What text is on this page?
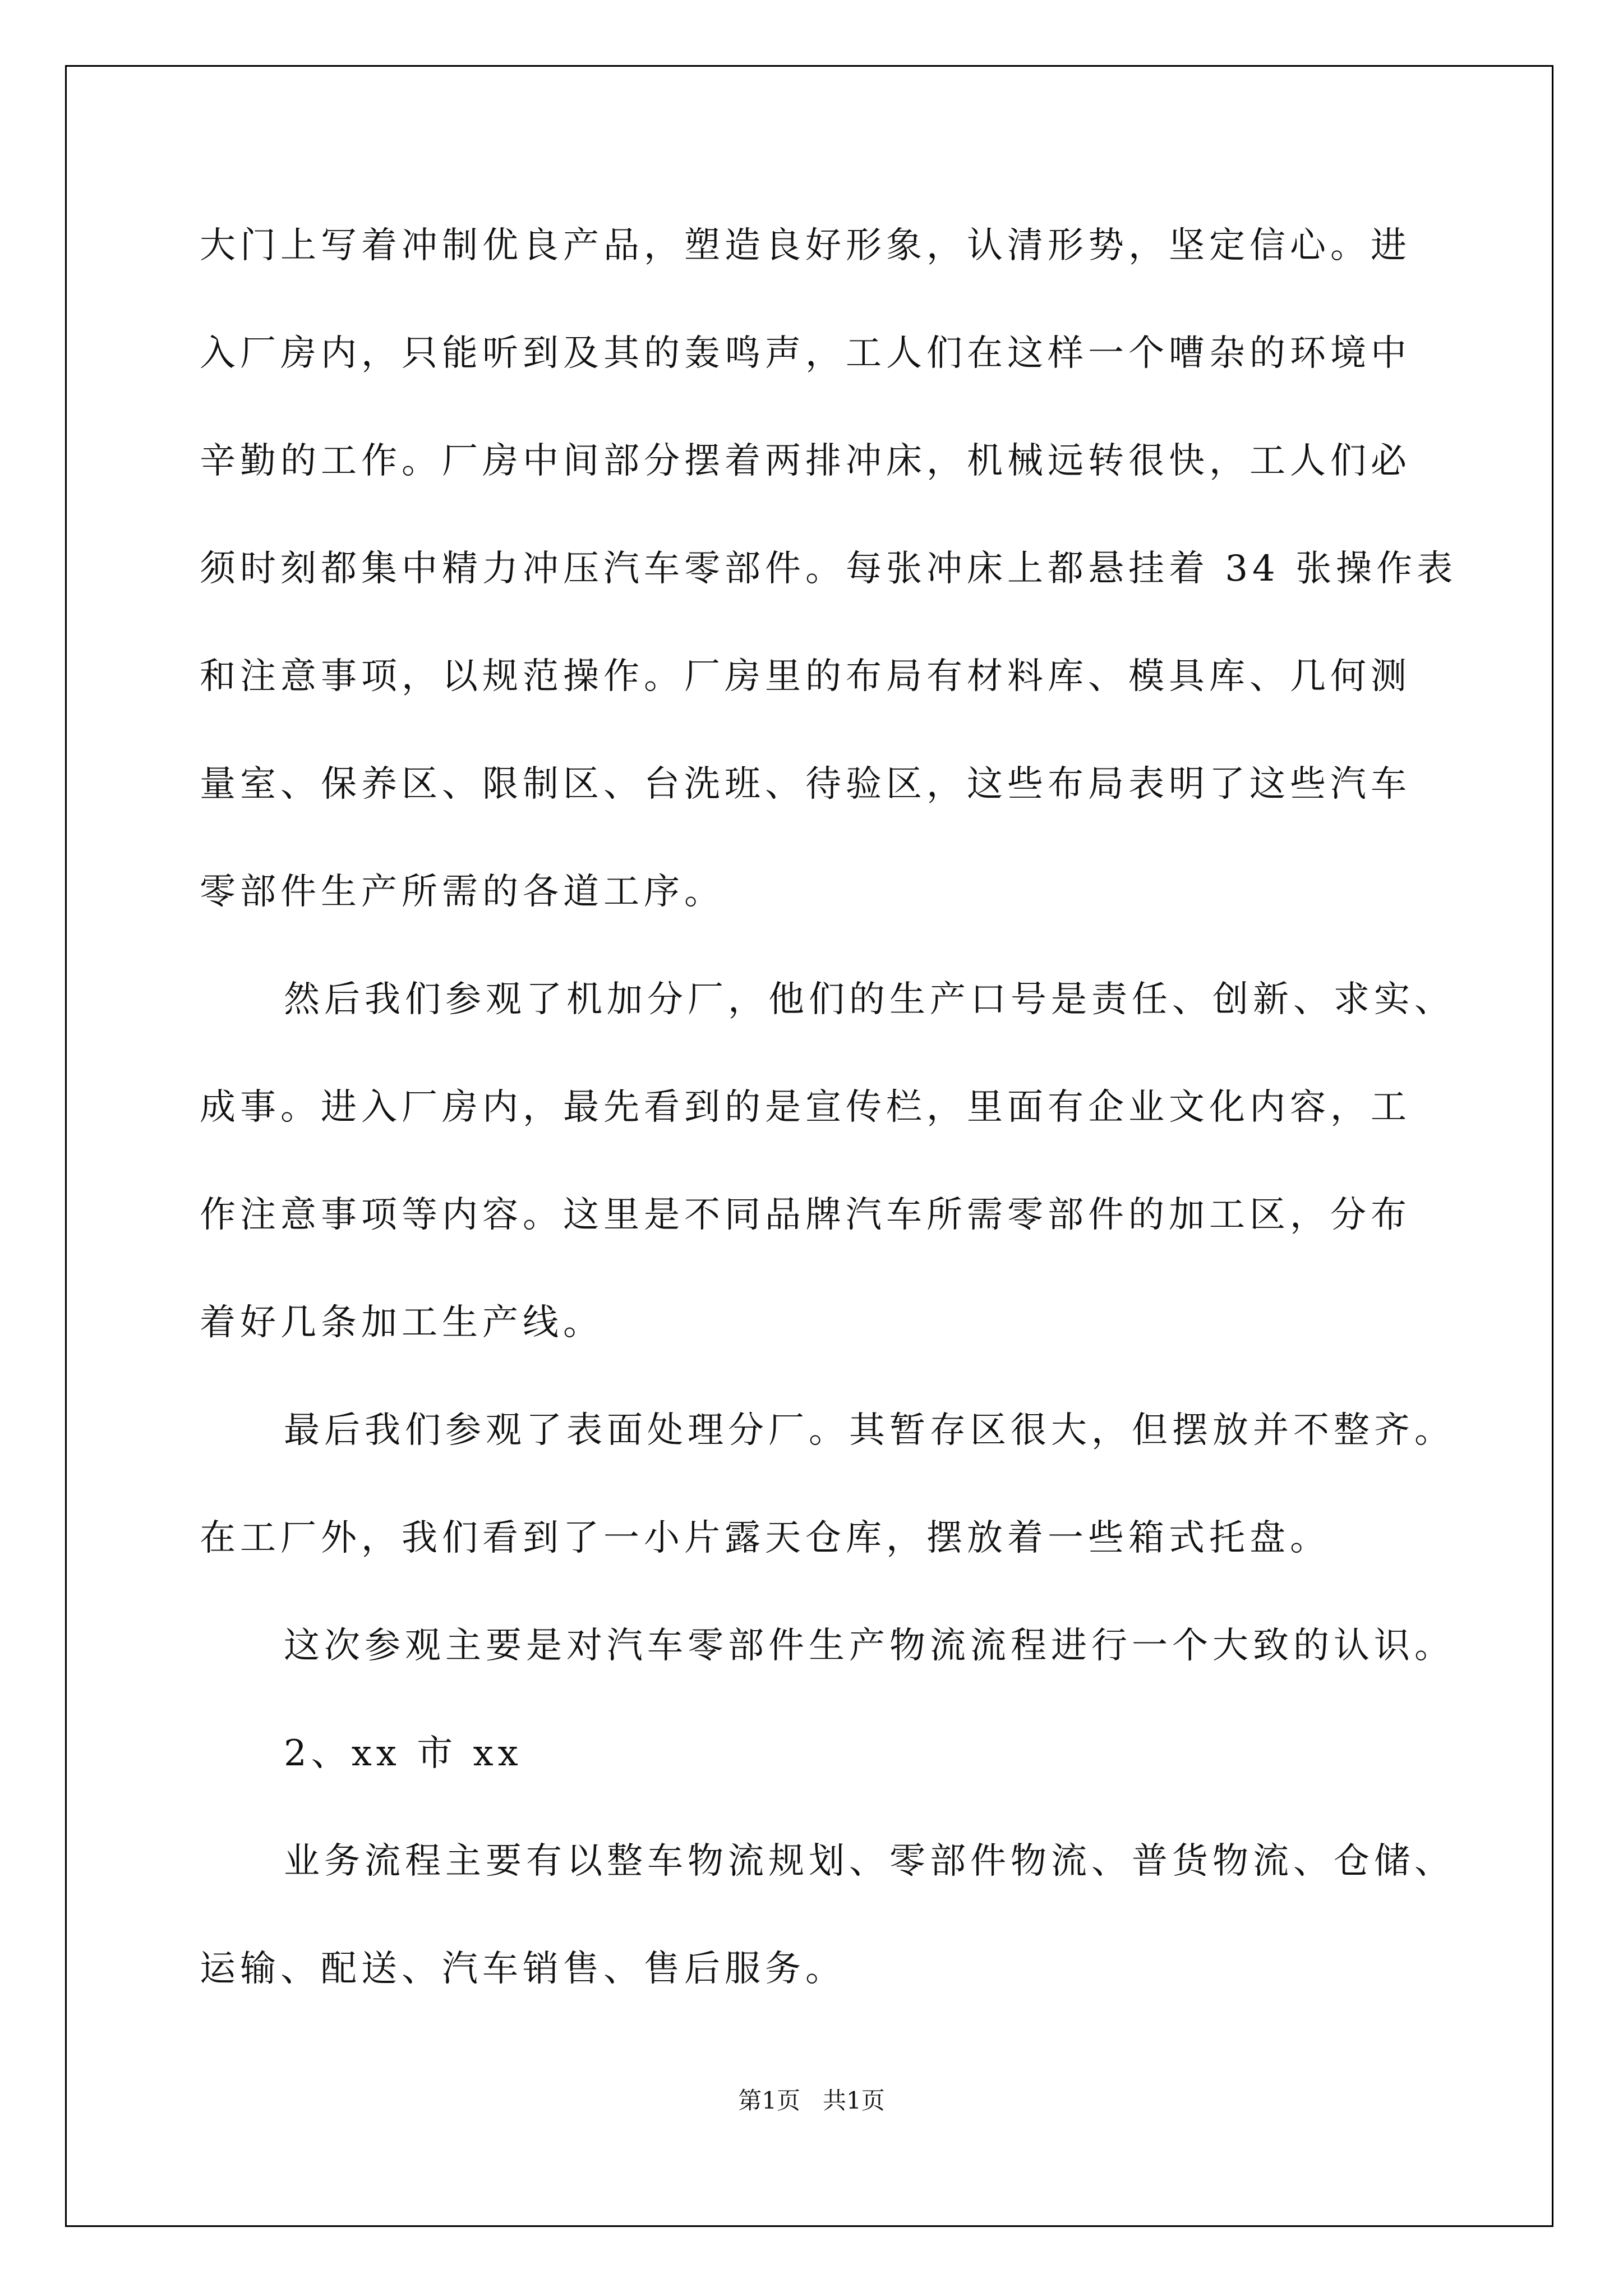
大门上写着冲制优良产品，塑造良好形象，认清形势，坚定信心。进
入厂房内，只能听到及其的轰鸣声，工人们在这样一个嘈杂的环境中
辛勤的工作。厂房中间部分摆着两排冲床，机械远转很快，工人们必
须时刻都集中精力冲压汽车零部件。每张冲床上都悬挂着 34 张操作表
和注意事项，以规范操作。厂房里的布局有材料库、模具库、几何测
量室、保养区、限制区、台洗班、待验区，这些布局表明了这些汽车
零部件生产所需的各道工序。
然后我们参观了机加分厂，他们的生产口号是责任、创新、求实、
成事。进入厂房内，最先看到的是宣传栏，里面有企业文化内容，工
作注意事项等内容。这里是不同品牌汽车所需零部件的加工区，分布
着好几条加工生产线。
最后我们参观了表面处理分厂。其暂存区很大，但摆放并不整齐。
在工厂外，我们看到了一小片露天仓库，摆放着一些箱式托盘。
这次参观主要是对汽车零部件生产物流流程进行一个大致的认识。
2、xx 市 xx
业务流程主要有以整车物流规划、零部件物流、普货物流、仓储、
运输、配送、汽车销售、售后服务。
第1页   共1页
